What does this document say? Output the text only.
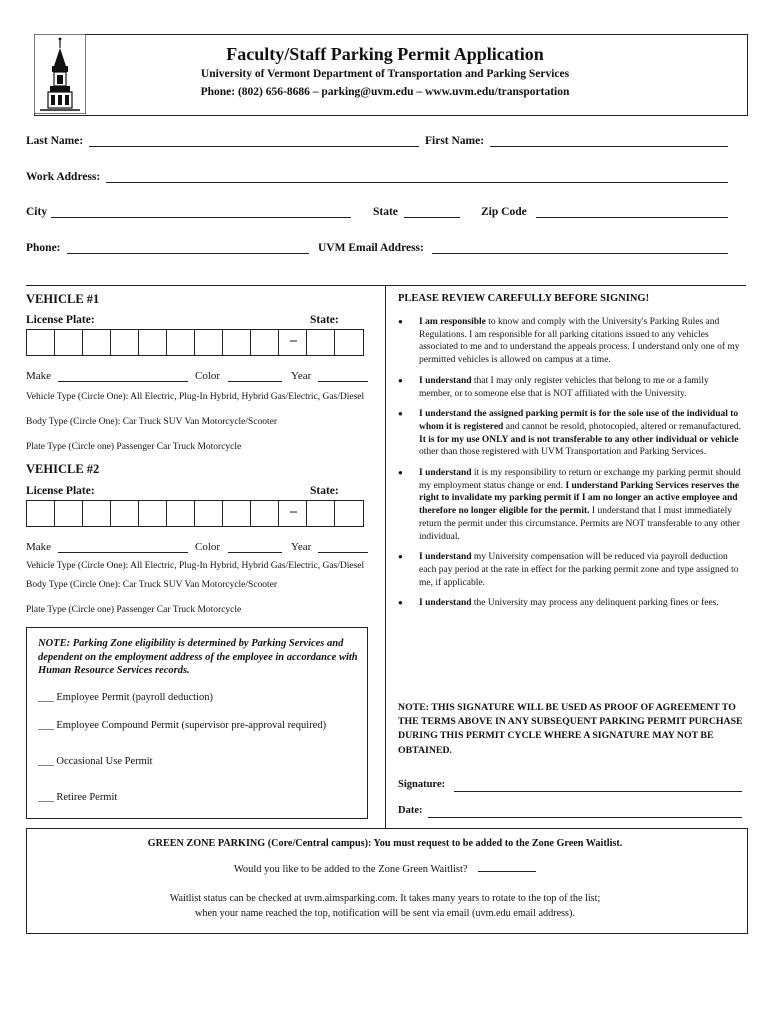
Faculty/Staff Parking Permit Application
University of Vermont Department of Transportation and Parking Services
Phone: (802) 656-8686 – parking@uvm.edu – www.uvm.edu/transportation
Last Name:	First Name:
Work Address:
City	State	Zip Code
Phone:	UVM Email Address:
VEHICLE #1
License Plate:	State:
–
Make	Color	Year
Vehicle Type (Circle One): All Electric, Plug-In Hybrid, Hybrid Gas/Electric, Gas/Diesel
Body Type (Circle One): Car Truck SUV Van Motorcycle/Scooter
Plate Type (Circle one) Passenger Car Truck Motorcycle
VEHICLE #2
License Plate:	State:
–
Make	Color	Year
Vehicle Type (Circle One): All Electric, Plug-In Hybrid, Hybrid Gas/Electric, Gas/Diesel
Body Type (Circle One): Car Truck SUV Van Motorcycle/Scooter
Plate Type (Circle one) Passenger Car Truck Motorcycle
NOTE: Parking Zone eligibility is determined by Parking Services and dependent on the employment address of the employee in accordance with Human Resource Services records.
___ Employee Permit (payroll deduction)
___ Employee Compound Permit (supervisor pre-approval required)
___ Occasional Use Permit
___ Retiree Permit
PLEASE REVIEW CAREFULLY BEFORE SIGNING!
● I am responsible to know and comply with the University's Parking Rules and Regulations. I am responsible for all parking citations issued to any vehicles associated to me and to understand the appeals process. I understand only one of my permitted vehicles is allowed on campus at a time.
● I understand that I may only register vehicles that belong to me or a family member, or to someone else that is NOT affiliated with the University.
● I understand the assigned parking permit is for the sole use of the individual to whom it is registered and cannot be resold, photocopied, altered or remanufactured. It is for my use ONLY and is not transferable to any other individual or vehicle other than those registered with UVM Transportation and Parking Services.
● I understand it is my responsibility to return or exchange my parking permit should my employment status change or end. I understand Parking Services reserves the right to invalidate my parking permit if I am no longer an active employee and therefore no longer eligible for the permit. I understand that I must immediately return the permit under this circumstance. Permits are NOT transferable to any other individual.
● I understand my University compensation will be reduced via payroll deduction each pay period at the rate in effect for the parking permit zone and type assigned to me, if applicable.
● I understand the University may process any delinquent parking fines or fees.
NOTE: THIS SIGNATURE WILL BE USED AS PROOF OF AGREEMENT TO THE TERMS ABOVE IN ANY SUBSEQUENT PARKING PERMIT PURCHASE DURING THIS PERMIT CYCLE WHERE A SIGNATURE MAY NOT BE OBTAINED.
Signature:
Date:
GREEN ZONE PARKING (Core/Central campus): You must request to be added to the Zone Green Waitlist.
Would you like to be added to the Zone Green Waitlist?
Waitlist status can be checked at uvm.aimsparking.com. It takes many years to rotate to the top of the list;
when your name reached the top, notification will be sent via email (uvm.edu email address).
